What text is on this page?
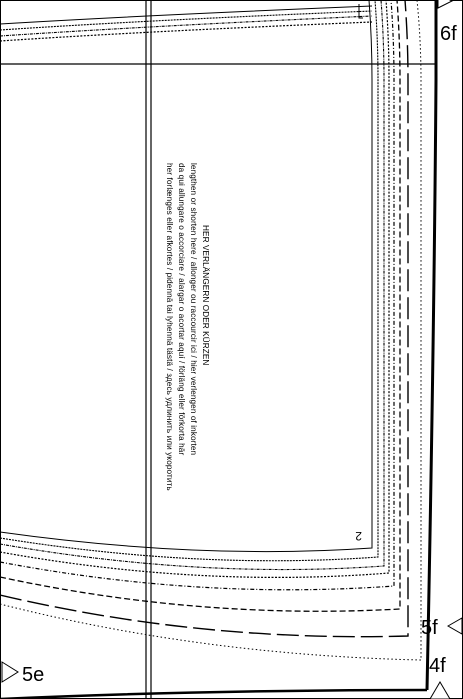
6f
5f
4f
5e
2
HER VERLÄNGERN ODER KÜRZEN
lengthen or shorten here / allonger ou raccourcir ici / hier verlengen of inkorten
da qui allungare o accorciare / alargar o acortar aquí / förläng eller förkorta här
her forlænges eller afkortes / pidennä tai lyhennä tästä / здесь удлинить или укоротить
